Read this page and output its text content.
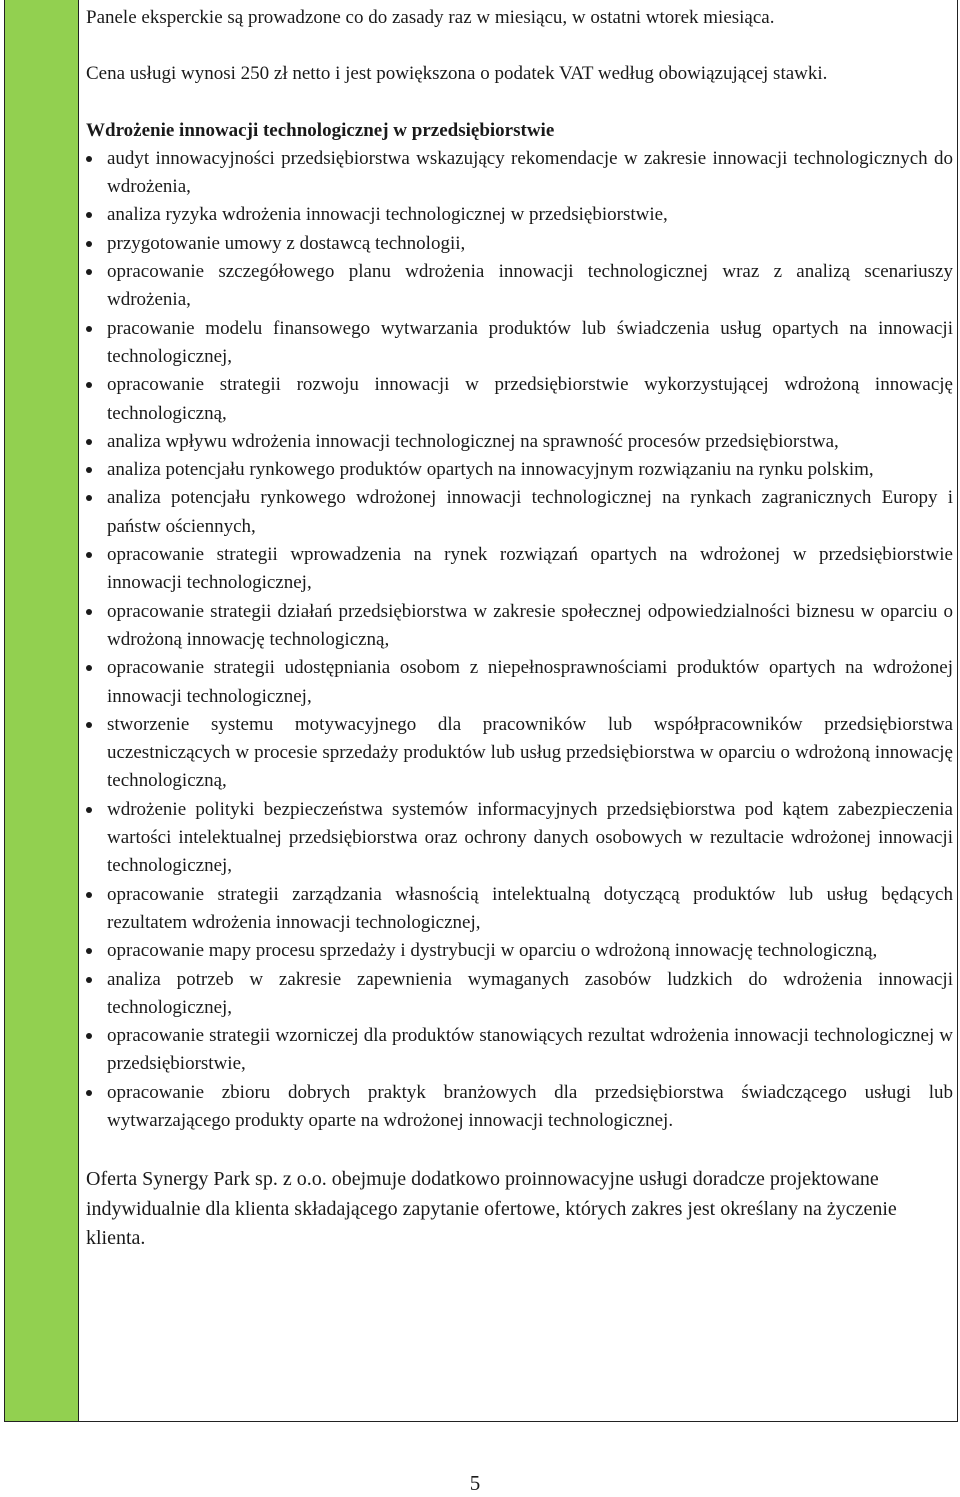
Panele eksperckie są prowadzone co do zasady raz w miesiącu, w ostatni wtorek miesiąca.

Cena usługi wynosi 250 zł netto i jest powiększona o podatek VAT według obowiązującej stawki.

Wdrożenie innowacji technologicznej w przedsiębiorstwie

audyt innowacyjności przedsiębiorstwa wskazujący rekomendacje w zakresie innowacji technologicznych do wdrożenia,
analiza ryzyka wdrożenia innowacji technologicznej w przedsiębiorstwie,
przygotowanie umowy z dostawcą technologii,
opracowanie szczegółowego planu wdrożenia innowacji technologicznej wraz z analizą scenariuszy wdrożenia,
pracowanie modelu finansowego wytwarzania produktów lub świadczenia usług opartych na innowacji technologicznej,
opracowanie strategii rozwoju innowacji w przedsiębiorstwie wykorzystującej wdrożoną innowację technologiczną,
analiza wpływu wdrożenia innowacji technologicznej na sprawność procesów przedsiębiorstwa,
analiza potencjału rynkowego produktów opartych na innowacyjnym rozwiązaniu na rynku polskim,
analiza potencjału rynkowego wdrożonej innowacji technologicznej na rynkach zagranicznych Europy i państw ościennych,
opracowanie strategii wprowadzenia na rynek rozwiązań opartych na wdrożonej w przedsiębiorstwie innowacji technologicznej,
opracowanie strategii działań przedsiębiorstwa w zakresie społecznej odpowiedzialności biznesu w oparciu o wdrożoną innowację technologiczną,
opracowanie strategii udostępniania osobom z niepełnosprawnościami produktów opartych na wdrożonej innowacji technologicznej,
stworzenie systemu motywacyjnego dla pracowników lub współpracowników przedsiębiorstwa uczestniczących w procesie sprzedaży produktów lub usług przedsiębiorstwa w oparciu o wdrożoną innowację technologiczną,
wdrożenie polityki bezpieczeństwa systemów informacyjnych przedsiębiorstwa pod kątem zabezpieczenia wartości intelektualnej przedsiębiorstwa oraz ochrony danych osobowych w rezultacie wdrożonej innowacji technologicznej,
opracowanie strategii zarządzania własnością intelektualną dotyczącą produktów lub usług będących rezultatem wdrożenia innowacji technologicznej,
opracowanie mapy procesu sprzedaży i dystrybucji w oparciu o wdrożoną innowację technologiczną,
analiza potrzeb w zakresie zapewnienia wymaganych zasobów ludzkich do wdrożenia innowacji technologicznej,
opracowanie strategii wzorniczej dla produktów stanowiących rezultat wdrożenia innowacji technologicznej w przedsiębiorstwie,
opracowanie zbioru dobrych praktyk branżowych dla przedsiębiorstwa świadczącego usługi lub wytwarzającego produkty oparte na wdrożonej innowacji technologicznej.

Oferta Synergy Park sp. z o.o. obejmuje dodatkowo proinnowacyjne usługi doradcze projektowane indywidualnie dla klienta składającego zapytanie ofertowe, których zakres jest określany na życzenie klienta.

5
